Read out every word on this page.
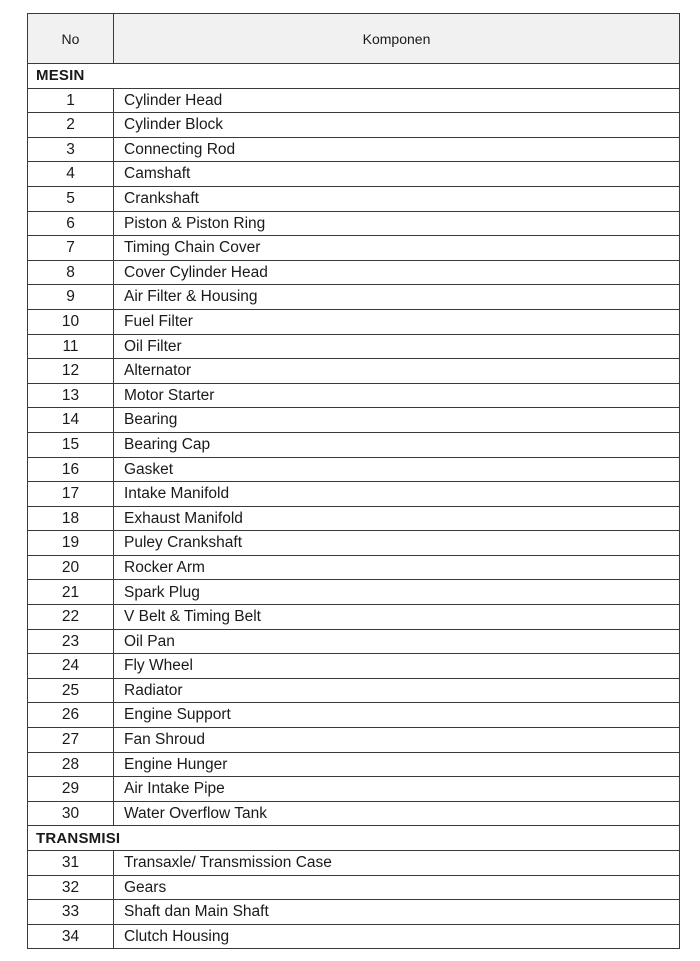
No	Komponen
MESIN	
1	Cylinder Head
2	Cylinder Block
3	Connecting Rod
4	Camshaft
5	Crankshaft
6	Piston & Piston Ring
7	Timing Chain Cover
8	Cover Cylinder Head
9	Air Filter & Housing
10	Fuel Filter
11	Oil Filter
12	Alternator
13	Motor Starter
14	Bearing
15	Bearing Cap
16	Gasket
17	Intake Manifold
18	Exhaust Manifold
19	Puley Crankshaft
20	Rocker Arm
21	Spark Plug
22	V Belt & Timing Belt
23	Oil Pan
24	Fly Wheel
25	Radiator
26	Engine Support
27	Fan Shroud
28	Engine Hunger
29	Air Intake Pipe
30	Water Overflow Tank
TRANSMISI	
31	Transaxle/ Transmission Case
32	Gears
33	Shaft dan Main Shaft
34	Clutch Housing
